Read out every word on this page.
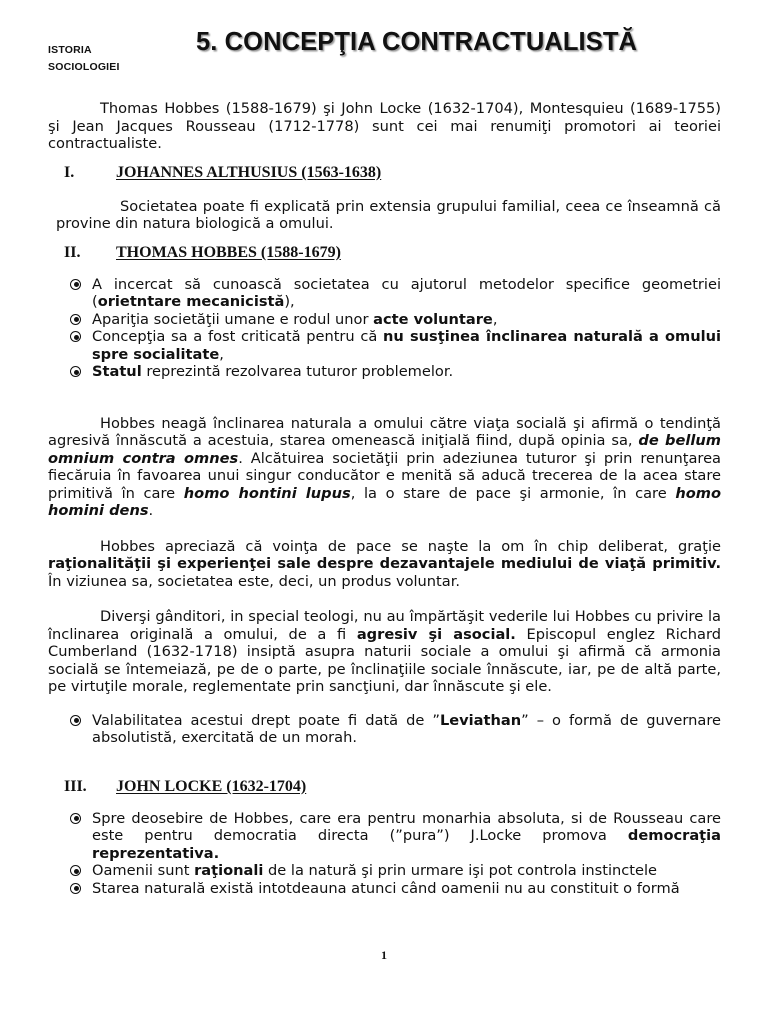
ISTORIA
SOCIOLOGIEI
5. CONCEPŢIA CONTRACTUALISTĂ

Thomas Hobbes (1588-1679) şi John Locke (1632-1704), Montesquieu (1689-1755) şi Jean Jacques Rousseau (1712-1778) sunt cei mai renumiţi promotori ai teoriei contractualiste.

I.	JOHANNES ALTHUSIUS (1563-1638)

Societatea poate fi explicată prin extensia grupului familial, ceea ce înseamnă că provine din natura biologică a omului.

II. THOMAS HOBBES (1588-1679)
A incercat să cunoască societatea cu ajutorul metodelor specifice geometriei (orietntare mecanicistă),
Apariţia societăţii umane e rodul unor acte voluntare,
Concepţia sa a fost criticată pentru că nu susţinea înclinarea naturală a omului spre socialitate,
Statul reprezintă rezolvarea tuturor problemelor.

Hobbes neagă înclinarea naturala a omului către viaţa socială şi afirmă o tendinţă agresivă înnăscută a acestuia, starea omenească iniţială fiind, după opinia sa, de bellum omnium contra omnes. Alcătuirea societăţii prin adeziunea tuturor şi prin renunţarea fiecăruia în favoarea unui singur conducător e menită să aducă trecerea de la acea stare primitivă în care homo hontini lupus, la o stare de pace şi armonie, în care homo homini dens.

Hobbes apreciază că voinţa de pace se naşte la om în chip deliberat, graţie raţionalităţii şi experienţei sale despre dezavantajele mediului de viaţă primitiv. În viziunea sa, societatea este, deci, un produs voluntar.

Diverşi gânditori, in special teologi, nu au împărtăşit vederile lui Hobbes cu privire la înclinarea originală a omului, de a fi agresiv şi asocial. Episcopul englez Richard Cumberland (1632-1718) insiptă asupra naturii sociale a omului şi afirmă că armonia socială se întemeiază, pe de o parte, pe înclinaţiile sociale înnăscute, iar, pe de altă parte, pe virtuţile morale, reglementate prin sancţiuni, dar înnăscute şi ele.

Valabilitatea acestui drept poate fi dată de ”Leviathan” – o formă de guvernare absolutistă, exercitată de un morah.
III. JOHN LOCKE (1632-1704)
Spre deosebire de Hobbes, care era pentru monarhia absoluta, si de Rousseau care este pentru democratia directa (”pura”) J.Locke promova democraţia reprezentativa.
Oamenii sunt raţionali de la natură şi prin urmare işi pot controla instinctele
Starea naturală există intotdeauna atunci când oamenii nu au constituit o formă
1
